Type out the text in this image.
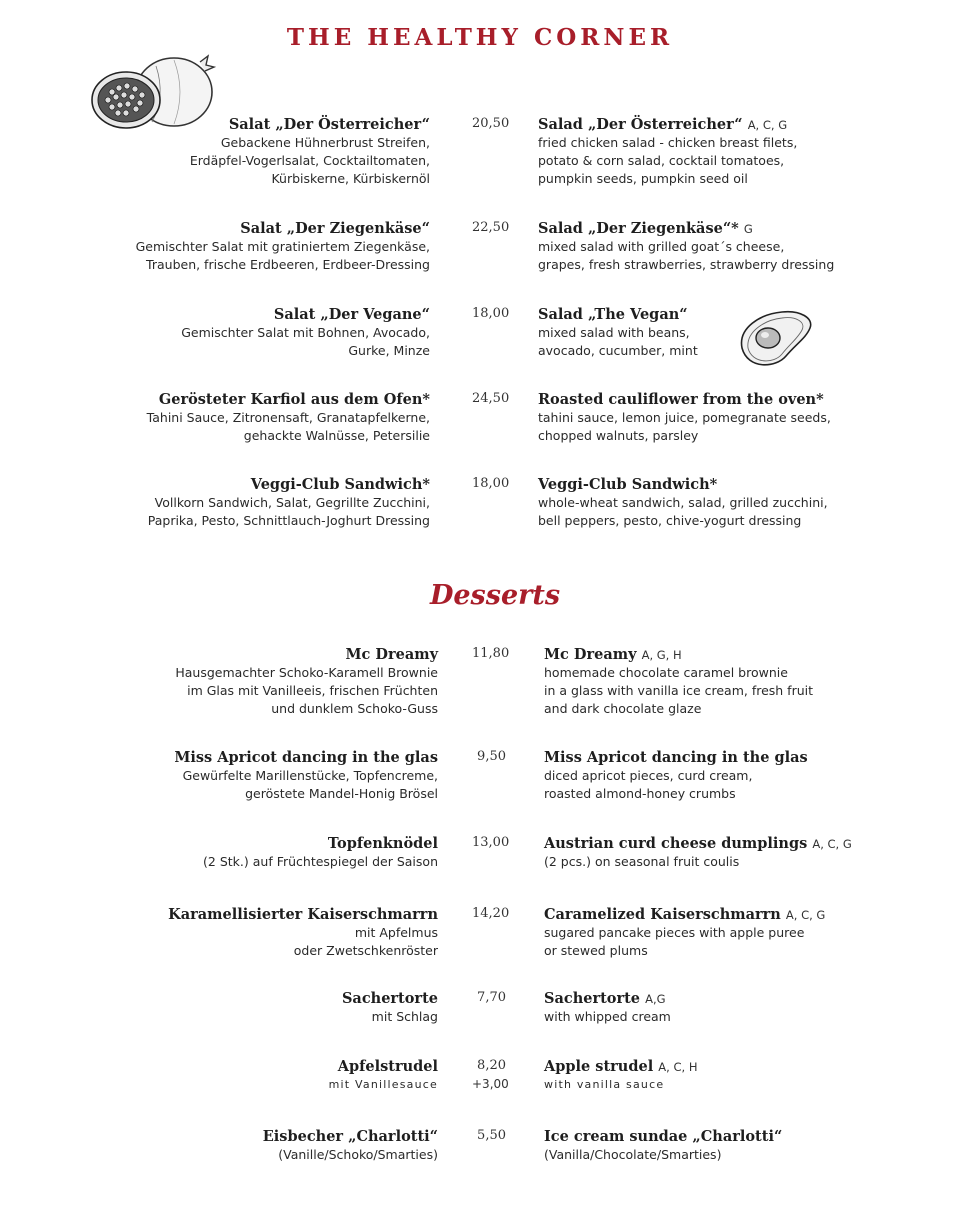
THE HEALTHY CORNER
Salat „Der Österreicher“
Gebackene Hühnerbrust Streifen,
Erdäpfel-Vogerlsalat, Cocktailtomaten,
Kürbiskerne, Kürbiskernöl
20,50 Salad „Der Österreicher“ A, C, G
fried chicken salad - chicken breast filets,
potato & corn salad, cocktail tomatoes,
pumpkin seeds, pumpkin seed oil
Salat „Der Ziegenkäse“
Gemischter Salat mit gratiniertem Ziegenkäse,
Trauben, frische Erdbeeren, Erdbeer-Dressing
22,50 Salad „Der Ziegenkäse“* G
mixed salad with grilled goat´s cheese,
grapes, fresh strawberries, strawberry dressing
Salat „Der Vegane“
Gemischter Salat mit Bohnen, Avocado,
Gurke, Minze
18,00 Salad „The Vegan“
mixed salad with beans,
avocado, cucumber, mint
Gerösteter Karfiol aus dem Ofen*
Tahini Sauce, Zitronensaft, Granatapfelkerne,
gehackte Walnüsse, Petersilie
24,50 Roasted cauliflower from the oven*
tahini sauce, lemon juice, pomegranate seeds,
chopped walnuts, parsley
Veggi-Club Sandwich*
Vollkorn Sandwich, Salat, Gegrillte Zucchini,
Paprika, Pesto, Schnittlauch-Joghurt Dressing
18,00 Veggi-Club Sandwich*
whole-wheat sandwich, salad, grilled zucchini,
bell peppers, pesto, chive-yogurt dressing
Desserts
Mc Dreamy
Hausgemachter Schoko-Karamell Brownie
im Glas mit Vanilleeis, frischen Früchten
und dunklem Schoko-Guss
11,80 Mc Dreamy A, G, H
homemade chocolate caramel brownie
in a glass with vanilla ice cream, fresh fruit
and dark chocolate glaze
Miss Apricot dancing in the glas
Gewürfelte Marillenstücke, Topfencreme,
geröstete Mandel-Honig Brösel
9,50	Miss Apricot dancing in the glas
diced apricot pieces, curd cream,
roasted almond-honey crumbs
Topfenknödel
(2 Stk.) auf Früchtespiegel der Saison
13,00 Austrian curd cheese dumplings A, C, G
(2 pcs.) on seasonal fruit coulis
Karamellisierter Kaiserschmarrn
mit Apfelmus
oder Zwetschkenröster
14,20 Caramelized Kaiserschmarrn A, C, G
sugared pancake pieces with apple puree
or stewed plums
Sachertorte
mit Schlag
7,70	Sachertorte A,G
with whipped cream
Apfelstrudel
mit Vanillesauce
8,20
+3,00
Apple strudel A, C, H
with vanilla sauce
Eisbecher „Charlotti“
(Vanille/Schoko/Smarties)
5,50	Ice cream sundae „Charlotti“
(Vanilla/Chocolate/Smarties)
